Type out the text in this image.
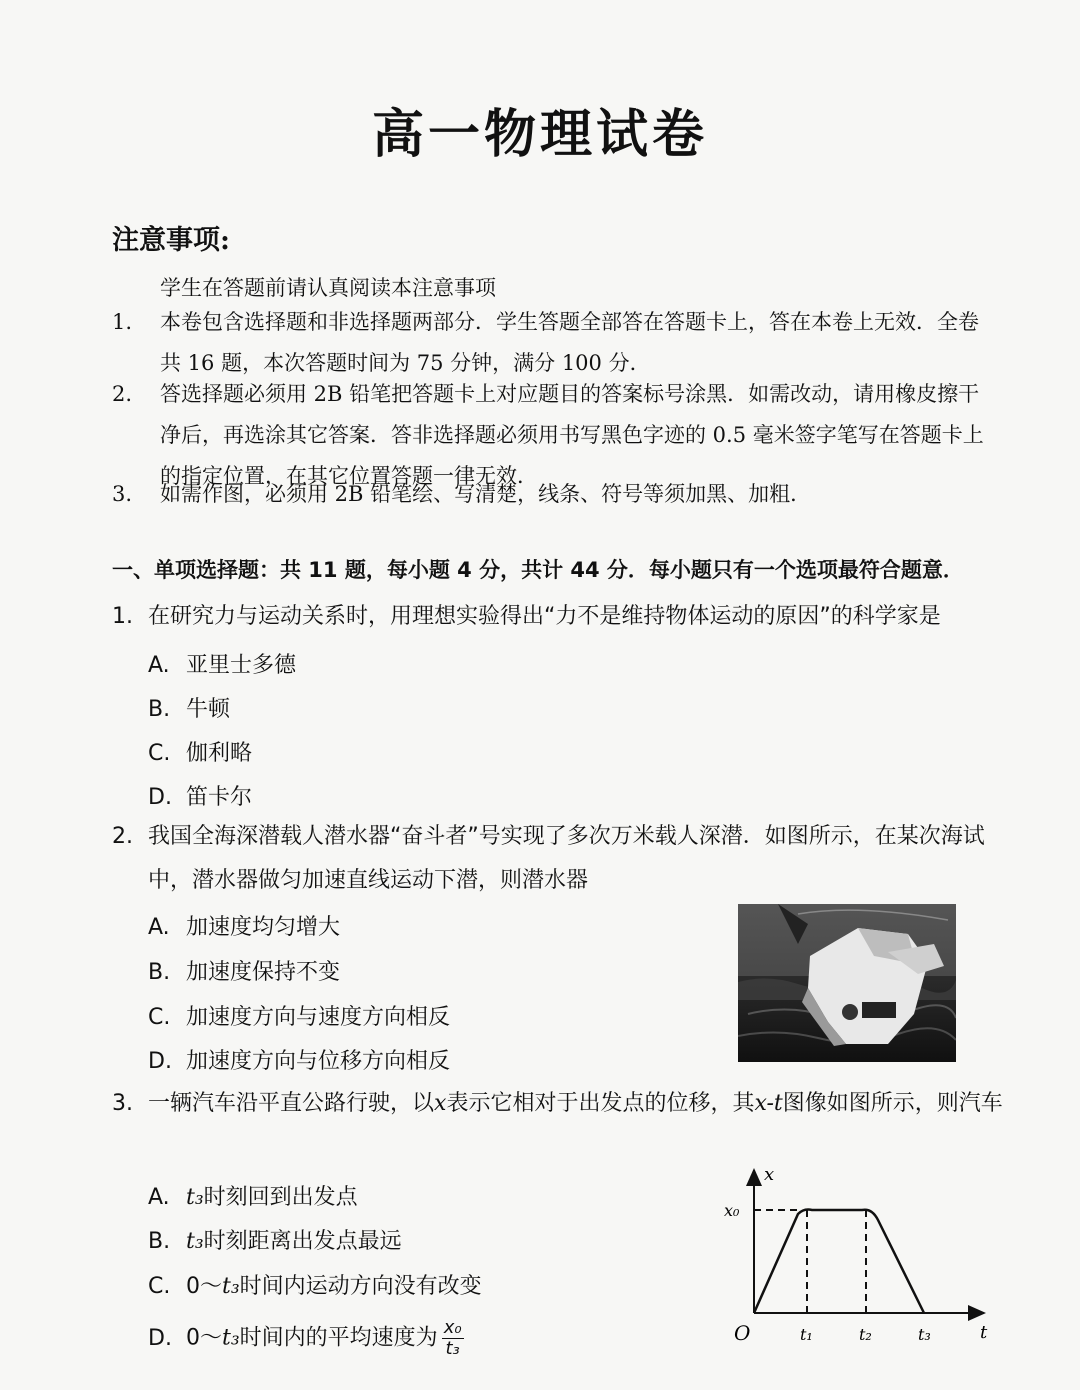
高一物理试卷
注意事项:
学生在答题前请认真阅读本注意事项
1.	本卷包含选择题和非选择题两部分．学生答题全部答在答题卡上，答在本卷上无效．全卷共 16 题，本次答题时间为 75 分钟，满分 100 分．
2.	答选择题必须用 2B 铅笔把答题卡上对应题目的答案标号涂黑．如需改动，请用橡皮擦干净后，再选涂其它答案．答非选择题必须用书写黑色字迹的 0.5 毫米签字笔写在答题卡上的指定位置，在其它位置答题一律无效．
3.	如需作图，必须用 2B 铅笔绘、写清楚，线条、符号等须加黑、加粗．
一、单项选择题：共 11 题，每小题 4 分，共计 44 分．每小题只有一个选项最符合题意．
1. 在研究力与运动关系时，用理想实验得出“力不是维持物体运动的原因”的科学家是
A. 亚里士多德
B. 牛顿
C. 伽利略
D. 笛卡尔
2. 我国全海深潜载人潜水器“奋斗者”号实现了多次万米载人深潜．如图所示，在某次海试中，潜水器做匀加速直线运动下潜，则潜水器
A. 加速度均匀增大
B. 加速度保持不变
C. 加速度方向与速度方向相反
D. 加速度方向与位移方向相反
3. 一辆汽车沿平直公路行驶，以x表示它相对于出发点的位移，其x-t图像如图所示，则汽车
A. t₃时刻回到出发点
B. t₃时刻距离出发点最远
C. 0～t₃时间内运动方向没有改变
D. 0～t₃时间内的平均速度为 $\frac{\text{x₀}}{\text{t₃}}$
x
t
O
x₀
t₁	t₂	t₃
